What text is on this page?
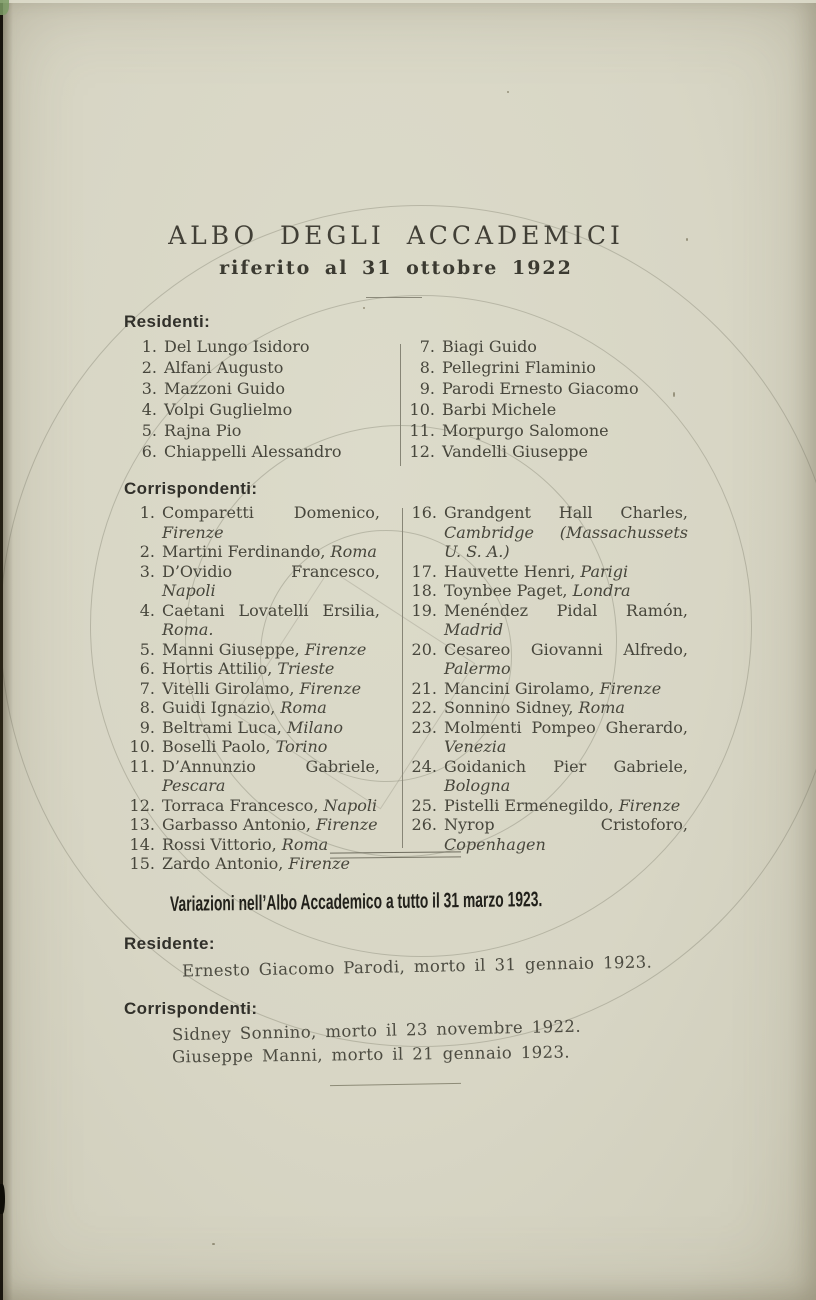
ALBO DEGLI ACCADEMICI
riferito al 31 ottobre 1922
Residenti:
1. Del Lungo Isidoro
2. Alfani Augusto
3. Mazzoni Guido
4. Volpi Guglielmo
5. Rajna Pio
6. Chiappelli Alessandro
7. Biagi Guido
8. Pellegrini Flaminio
9. Parodi Ernesto Giacomo
10. Barbi Michele
11. Morpurgo Salomone
12. Vandelli Giuseppe
Corrispondenti:
1. Comparetti Domenico, Firenze
2. Martini Ferdinando, Roma
3. D’Ovidio Francesco, Napoli
4. Caetani Lovatelli Ersilia, Roma.
5. Manni Giuseppe, Firenze
6. Hortis Attilio, Trieste
7. Vitelli Girolamo, Firenze
8. Guidi Ignazio, Roma
9. Beltrami Luca, Milano
10. Boselli Paolo, Torino
11. D’Annunzio Gabriele, Pescara
12. Torraca Francesco, Napoli
13. Garbasso Antonio, Firenze
14. Rossi Vittorio, Roma
15. Zardo Antonio, Firenze
16. Grandgent Hall Charles, Cambridge (Massachussets U. S. A.)
17. Hauvette Henri, Parigi
18. Toynbee Paget, Londra
19. Menéndez Pidal Ramón, Madrid
20. Cesareo Giovanni Alfredo, Palermo
21. Mancini Girolamo, Firenze
22. Sonnino Sidney, Roma
23. Molmenti Pompeo Gherardo, Venezia
24. Goidanich Pier Gabriele, Bologna
25. Pistelli Ermenegildo, Firenze
26. Nyrop Cristoforo, Copenhagen
Variazioni nell’Albo Accademico a tutto il 31 marzo 1923.
Residente:
Ernesto Giacomo Parodi, morto il 31 gennaio 1923.
Corrispondenti:
Sidney Sonnino, morto il 23 novembre 1922.
Giuseppe Manni, morto il 21 gennaio 1923.
